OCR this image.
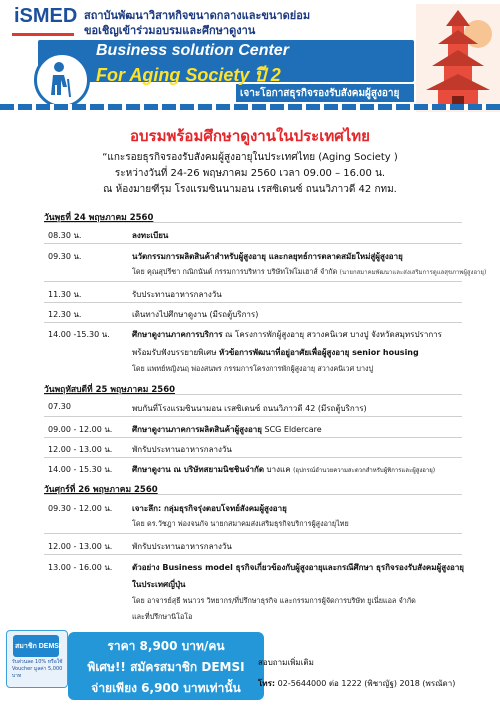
iSMED สถาบันพัฒนาวิสาหกิจขนาดกลางและขนาดย่อม
ขอเชิญเข้าร่วมอบรมและศึกษาดูงาน
Business solution Center
For Aging Society ปี 2
เจาะโอกาสธุรกิจรองรับสังคมผู้สูงอายุ
อบรมพร้อมศึกษาดูงานในประเทศไทย
“แกะรอยธุรกิจรองรับสังคมผู้สูงอายุในประเทศไทย (Aging Society )
ระหว่างวันที่ 24-26 พฤษภาคม 2560 เวลา 09.00 – 16.00 น.
ณ ห้องมายฑีรุม โรงแรมซินนามอน เรสซิเดนซ์ ถนนวิภาวดี 42 กทม.
วันพุธที่ 24 พฤษภาคม 2560
08.30 น.	ลงทะเบียน
09.30 น.	นวัตกรรมการผลิตสินค้าสำหรับผู้สูงอายุ และกลยุทธ์การตลาดสมัยใหม่สู่ผู้สูงอายุ
โดย คุณสุปรีชา กณิกนันต์ กรรมการบริหาร บริษัทโฟโมเฮาส์ จำกัด (นายกสมาคมพัฒนาและส่งเสริมการดูแลสุขภาพผู้สูงอายุ)
11.30 น.	รับประทานอาหารกลางวัน
12.30 น.	เดินทางไปศึกษาดูงาน (มีรถตู้บริการ)
14.00 -15.30 น.	ศึกษาดูงานภาคการบริการ ณ โครงการพักผู้สูงอายุ สวางคนิเวศ บางปู จังหวัดสมุทรปราการ
พร้อมรับฟังบรรยายพิเศษ หัวข้อการพัฒนาที่อยู่อาศัยเพื่อผู้สูงอายุ senior housing
โดย แพทย์หญิงนฤ พ่องสนพร กรรมการโครงการพักผู้สูงอายุ สวางคนิเวศ บางปู
วันพฤหัสบดีที่ 25 พฤษภาคม 2560
07.30	พบกันที่โรงแรมซินนามอน เรสซิเดนซ์ ถนนวิภาวดี 42 (มีรถตู้บริการ)
09.00 - 12.00 น. ศึกษาดูงานภาคการผลิตสินค้าผู้สูงอายุ SCG Eldercare
12.00 - 13.00 น. พักรับประทานอาหารกลางวัน
14.00 - 15.30 น. ศึกษาดูงาน ณ บริษัทสยามนิชชินจำกัด บางแค (อุปกรณ์อำนวยความสะดวกสำหรับผู้พิการและผู้สูงอายุ)
วันศุกร์ที่ 26 พฤษภาคม 2560
09.30 - 12.00 น. เจาะลึก: กลุ่มธุรกิจรุ่งตอบโจทย์สังคมผู้สูงอายุ
โดย ดร.วัชฎา พ่องจนกัจ นายกสมาคมส่งเสริมธุรกิจบริการผู้สูงอายุไทย
12.00 - 13.00 น. พักรับประทานอาหารกลางวัน
13.00 - 16.00 น. ตัวอย่าง Business model ธุรกิจเกี่ยวข้องกับผู้สูงอายุและกรณีศึกษา ธุรกิจรองรับสังคมผู้สูงอายุ
ในประเทศญี่ปุ่น
โดย อาจารย์สุธี พนาวร วิทยากร/ที่ปรึกษาธุรกิจ และกรรมการผู้จัดการบริษัท ยูเนี่ยแอล จำกัด
และที่ปรึกษานิโอโอ
สมาชิก DEMSI
รับส่วนลด 10% หรือใช้ Voucher มูลค่า 5,000 บาท
ราคา 8,900 บาท/คน
พิเศษ!! สมัครสมาชิก DEMSI
จ่ายเพียง 6,900 บาทเท่านั้น
สอบถามเพิ่มเติม
โทร: 02-5644000 ต่อ 1222 (พิชาญัฐ) 2018 (พรณัดา)
